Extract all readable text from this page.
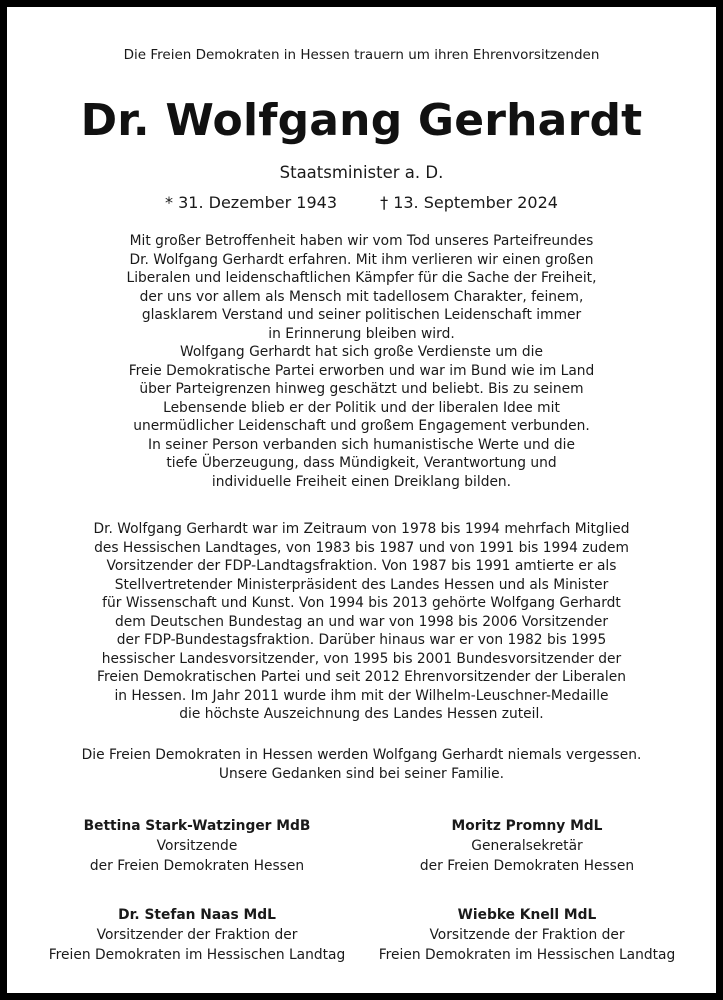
Die Freien Demokraten in Hessen trauern um ihren Ehrenvorsitzenden
Dr. Wolfgang Gerhardt
Staatsminister a. D.
* 31. Dezember 1943	† 13. September 2024
Mit großer Betroffenheit haben wir vom Tod unseres Parteifreundes
Dr. Wolfgang Gerhardt erfahren. Mit ihm verlieren wir einen großen
Liberalen und leidenschaftlichen Kämpfer für die Sache der Freiheit,
der uns vor allem als Mensch mit tadellosem Charakter, feinem,
glasklarem Verstand und seiner politischen Leidenschaft immer
in Erinnerung bleiben wird.
Wolfgang Gerhardt hat sich große Verdienste um die
Freie Demokratische Partei erworben und war im Bund wie im Land
über Parteigrenzen hinweg geschätzt und beliebt. Bis zu seinem
Lebensende blieb er der Politik und der liberalen Idee mit
unermüdlicher Leidenschaft und großem Engagement verbunden.
In seiner Person verbanden sich humanistische Werte und die
tiefe Überzeugung, dass Mündigkeit, Verantwortung und
individuelle Freiheit einen Dreiklang bilden.
Dr. Wolfgang Gerhardt war im Zeitraum von 1978 bis 1994 mehrfach Mitglied
des Hessischen Landtages, von 1983 bis 1987 und von 1991 bis 1994 zudem
Vorsitzender der FDP-Landtagsfraktion. Von 1987 bis 1991 amtierte er als
Stellvertretender Ministerpräsident des Landes Hessen und als Minister
für Wissenschaft und Kunst. Von 1994 bis 2013 gehörte Wolfgang Gerhardt
dem Deutschen Bundestag an und war von 1998 bis 2006 Vorsitzender
der FDP-Bundestagsfraktion. Darüber hinaus war er von 1982 bis 1995
hessischer Landesvorsitzender, von 1995 bis 2001 Bundesvorsitzender der
Freien Demokratischen Partei und seit 2012 Ehrenvorsitzender der Liberalen
in Hessen. Im Jahr 2011 wurde ihm mit der Wilhelm-Leuschner-Medaille
die höchste Auszeichnung des Landes Hessen zuteil.
Die Freien Demokraten in Hessen werden Wolfgang Gerhardt niemals vergessen.
Unsere Gedanken sind bei seiner Familie.
Bettina Stark-Watzinger MdB
Vorsitzende
der Freien Demokraten Hessen
Moritz Promny MdL
Generalsekretär
der Freien Demokraten Hessen
Dr. Stefan Naas MdL
Vorsitzender der Fraktion der
Freien Demokraten im Hessischen Landtag
Wiebke Knell MdL
Vorsitzende der Fraktion der
Freien Demokraten im Hessischen Landtag
